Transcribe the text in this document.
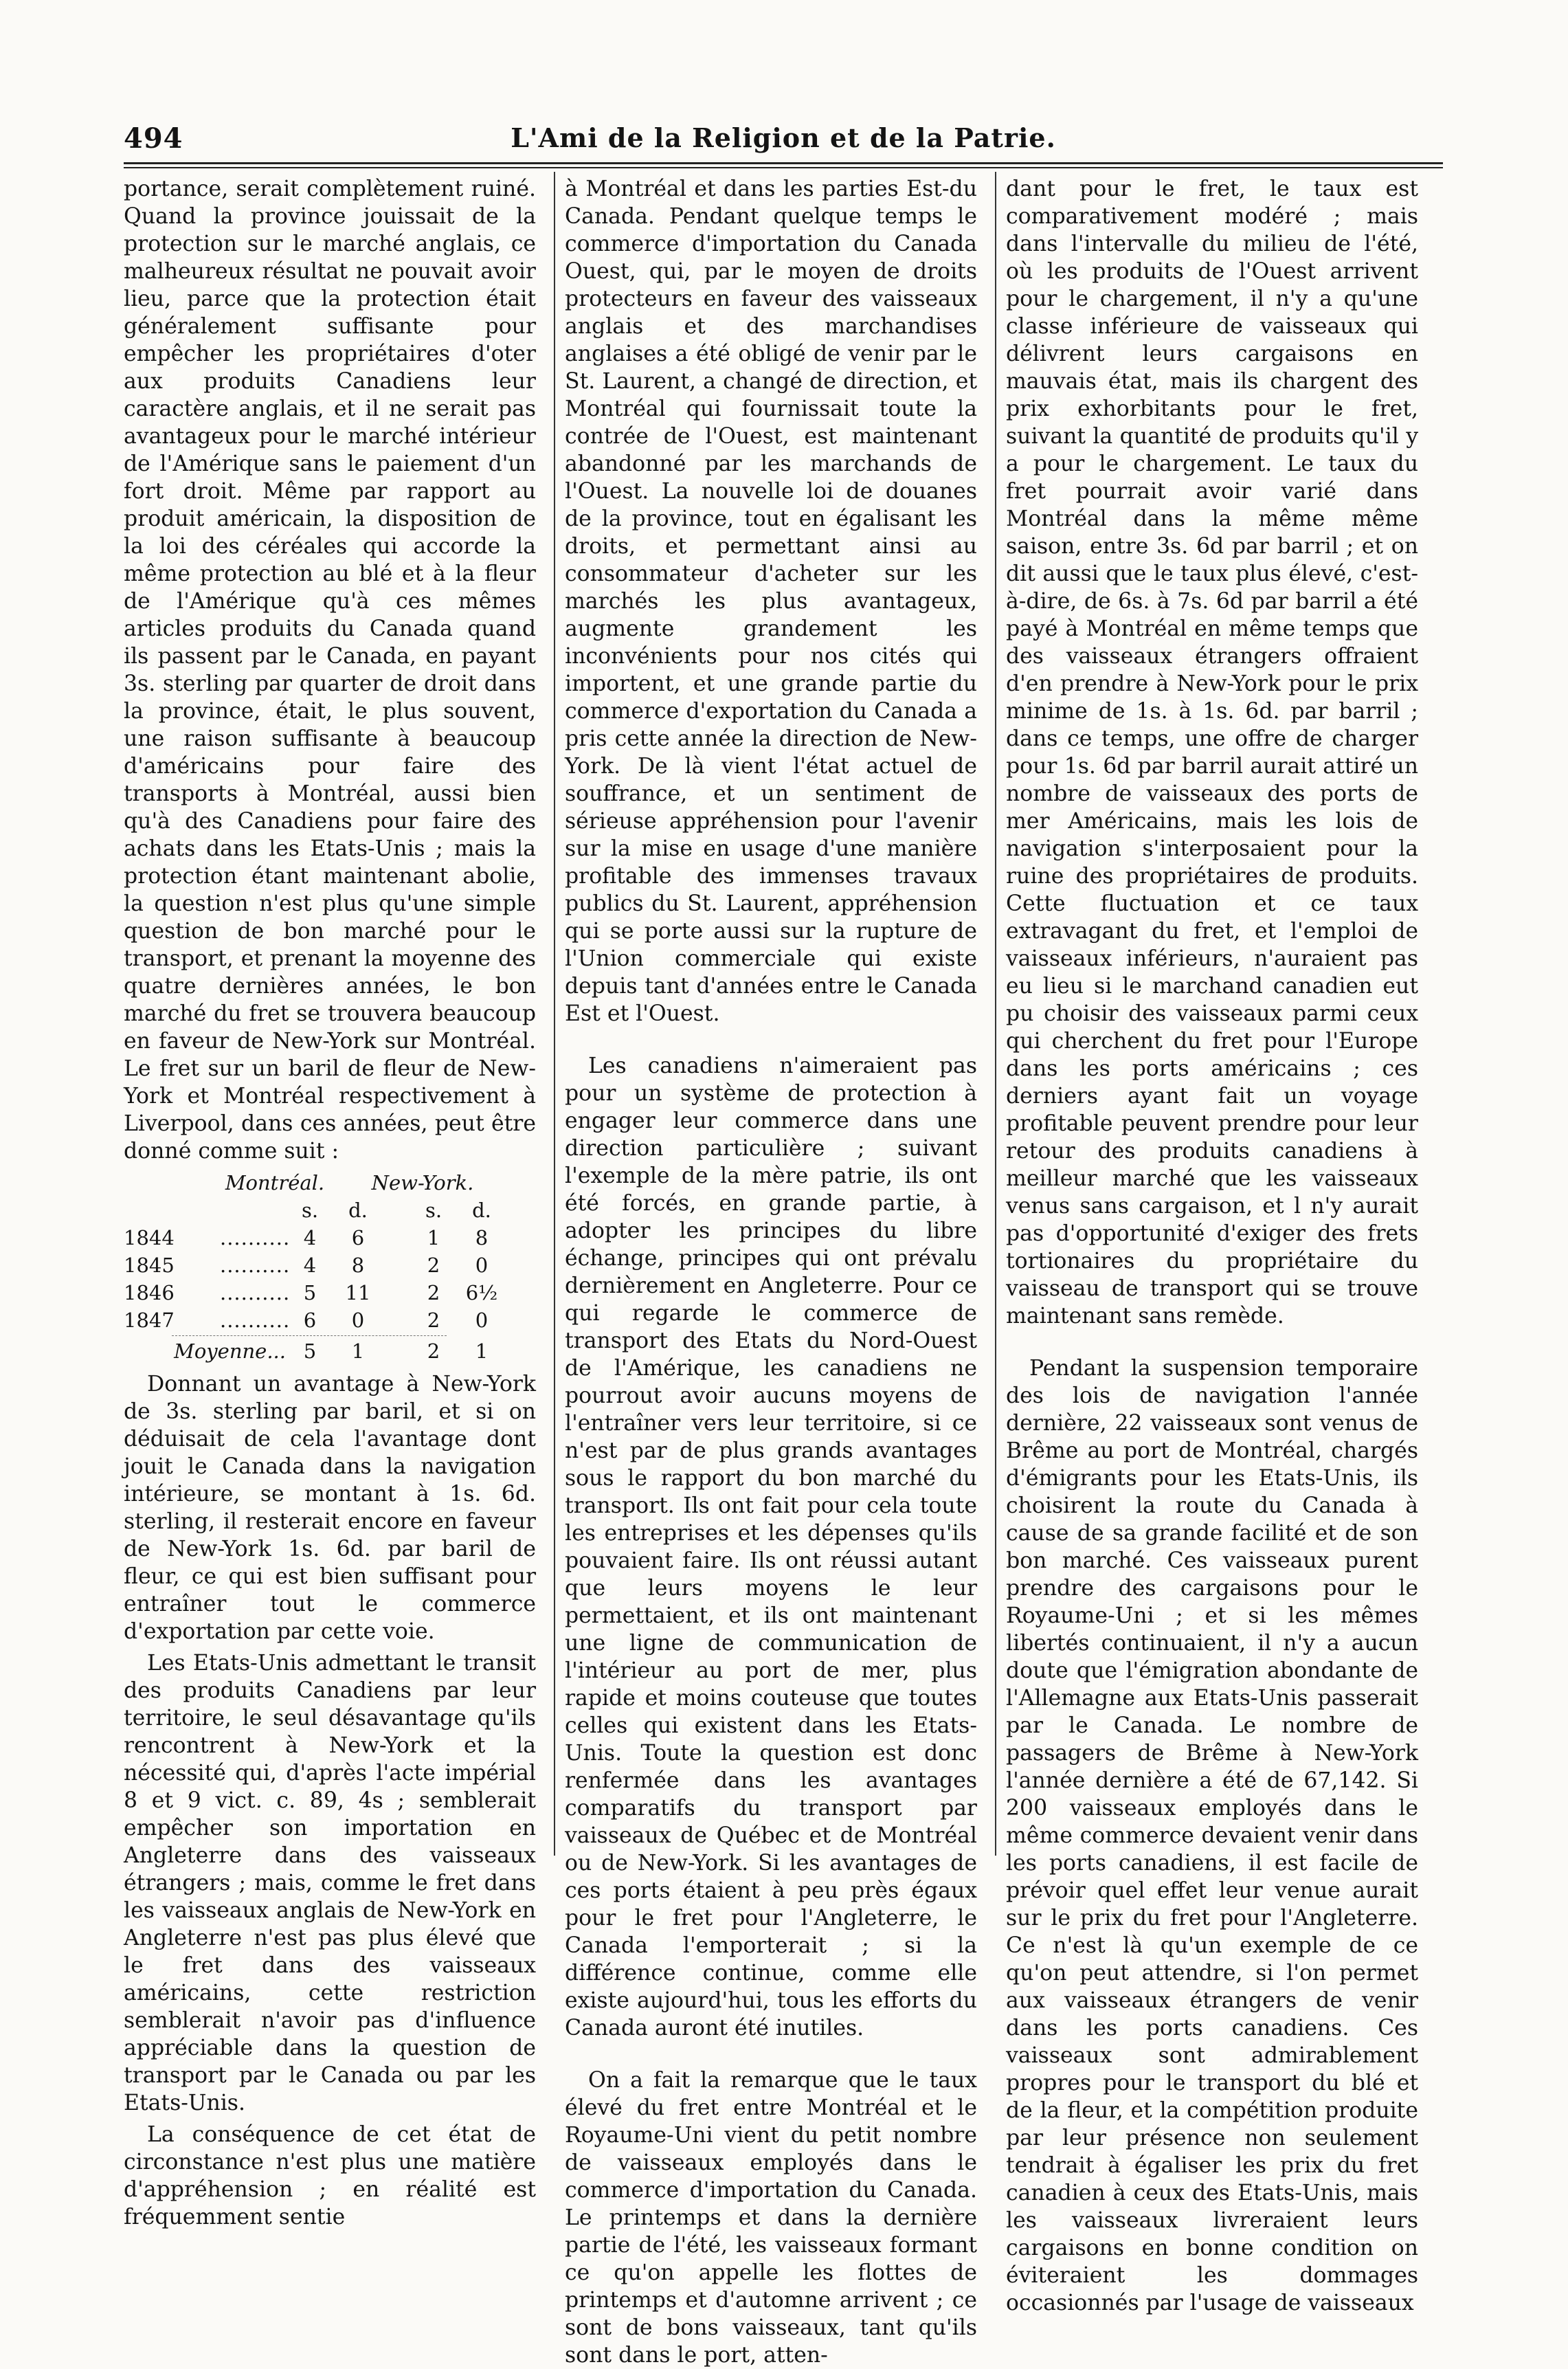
L'Ami de la Religion et de la Patrie.
494

portance, serait complètement ruiné. Quand la province jouissait de la protection sur le marché anglais, ce malheureux résultat ne pouvait avoir lieu, parce que la protection était généralement suffisante pour empêcher les propriétaires d'oter aux produits Canadiens leur caractère anglais, et il ne serait pas avantageux pour le marché intérieur de l'Amérique sans le paiement d'un fort droit. Même par rapport au produit américain, la disposition de la loi des céréales qui accorde la même protection au blé et à la fleur de l'Amérique qu'à ces mêmes articles produits du Canada quand ils passent par le Canada, en payant 3s. sterling par quarter de droit dans la province, était, le plus souvent, une raison suffisante à beaucoup d'américains pour faire des transports à Montréal, aussi bien qu'à des Canadiens pour faire des achats dans les Etats-Unis ; mais la protection étant maintenant abolie, la question n'est plus qu'une simple question de bon marché pour le transport, et prenant la moyenne des quatre dernières années, le bon marché du fret se trouvera beaucoup en faveur de New-York sur Montréal. Le fret sur un baril de fleur de New-York et Montréal respectivement à Liverpool, dans ces années, peut être donné comme suit :

Montréal.	New-York.
s.	d.	s.	d.
1844	.......... 4	6	1	8
1845	.......... 4	8	2	0
1846	.......... 5	11	2	6½
1847	.......... 6	0	2	0
Moyenne... 5	1	2	1

Donnant un avantage à New-York de 3s. sterling par baril, et si on déduisait de cela l'avantage dont jouit le Canada dans la navigation intérieure, se montant à 1s. 6d. sterling, il resterait encore en faveur de New-York 1s. 6d. par baril de fleur, ce qui est bien suffisant pour entraîner tout le commerce d'exportation par cette voie.

Les Etats-Unis admettant le transit des produits Canadiens par leur territoire, le seul désavantage qu'ils rencontrent à New-York et la nécessité qui, d'après l'acte impérial 8 et 9 vict. c. 89, 4s ; semblerait empêcher son importation en Angleterre dans des vaisseaux étrangers ; mais, comme le fret dans les vaisseaux anglais de New-York en Angleterre n'est pas plus élevé que le fret dans des vaisseaux américains, cette restriction semblerait n'avoir pas d'influence appréciable dans la question de transport par le Canada ou par les Etats-Unis.

La conséquence de cet état de circonstance n'est plus une matière d'appréhension ; en réalité est fréquemment sentie

à Montréal et dans les parties Est-du Canada. Pendant quelque temps le commerce d'importation du Canada Ouest, qui, par le moyen de droits protecteurs en faveur des vaisseaux anglais et des marchandises anglaises a été obligé de venir par le St. Laurent, a changé de direction, et Montréal qui fournissait toute la contrée de l'Ouest, est maintenant abandonné par les marchands de l'Ouest. La nouvelle loi de douanes de la province, tout en égalisant les droits, et permettant ainsi au consommateur d'acheter sur les marchés les plus avantageux, augmente grandement les inconvénients pour nos cités qui importent, et une grande partie du commerce d'exportation du Canada a pris cette année la direction de New-York. De là vient l'état actuel de souffrance, et un sentiment de sérieuse appréhension pour l'avenir sur la mise en usage d'une manière profitable des immenses travaux publics du St. Laurent, appréhension qui se porte aussi sur la rupture de l'Union commerciale qui existe depuis tant d'années entre le Canada Est et l'Ouest.

Les canadiens n'aimeraient pas pour un système de protection à engager leur commerce dans une direction particulière ; suivant l'exemple de la mère patrie, ils ont été forcés, en grande partie, à adopter les principes du libre échange, principes qui ont prévalu dernièrement en Angleterre. Pour ce qui regarde le commerce de transport des Etats du Nord-Ouest de l'Amérique, les canadiens ne pourrout avoir aucuns moyens de l'entraîner vers leur territoire, si ce n'est par de plus grands avantages sous le rapport du bon marché du transport. Ils ont fait pour cela toute les entreprises et les dépenses qu'ils pouvaient faire. Ils ont réussi autant que leurs moyens le leur permettaient, et ils ont maintenant une ligne de communication de l'intérieur au port de mer, plus rapide et moins couteuse que toutes celles qui existent dans les Etats-Unis. Toute la question est donc renfermée dans les avantages comparatifs du transport par vaisseaux de Québec et de Montréal ou de New-York. Si les avantages de ces ports étaient à peu près égaux pour le fret pour l'Angleterre, le Canada l'emporterait ; si la différence continue, comme elle existe aujourd'hui, tous les efforts du Canada auront été inutiles.

On a fait la remarque que le taux élevé du fret entre Montréal et le Royaume-Uni vient du petit nombre de vaisseaux employés dans le commerce d'importation du Canada. Le printemps et dans la dernière partie de l'été, les vaisseaux formant ce qu'on appelle les flottes de printemps et d'automne arrivent ; ce sont de bons vaisseaux, tant qu'ils sont dans le port, atten-

dant pour le fret, le taux est comparativement modéré ; mais dans l'intervalle du milieu de l'été, où les produits de l'Ouest arrivent pour le chargement, il n'y a qu'une classe inférieure de vaisseaux qui délivrent leurs cargaisons en mauvais état, mais ils chargent des prix exhorbitants pour le fret, suivant la quantité de produits qu'il y a pour le chargement. Le taux du fret pourrait avoir varié dans Montréal dans la même même saison, entre 3s. 6d par barril ; et on dit aussi que le taux plus élevé, c'est-à-dire, de 6s. à 7s. 6d par barril a été payé à Montréal en même temps que des vaisseaux étrangers offraient d'en prendre à New-York pour le prix minime de 1s. à 1s. 6d. par barril ; dans ce temps, une offre de charger pour 1s. 6d par barril aurait attiré un nombre de vaisseaux des ports de mer Américains, mais les lois de navigation s'interposaient pour la ruine des propriétaires de produits. Cette fluctuation et ce taux extravagant du fret, et l'emploi de vaisseaux inférieurs, n'auraient pas eu lieu si le marchand canadien eut pu choisir des vaisseaux parmi ceux qui cherchent du fret pour l'Europe dans les ports américains ; ces derniers ayant fait un voyage profitable peuvent prendre pour leur retour des produits canadiens à meilleur marché que les vaisseaux venus sans cargaison, et l n'y aurait pas d'opportunité d'exiger des frets tortionaires du propriétaire du vaisseau de transport qui se trouve maintenant sans remède.

Pendant la suspension temporaire des lois de navigation l'année dernière, 22 vaisseaux sont venus de Brême au port de Montréal, chargés d'émigrants pour les Etats-Unis, ils choisirent la route du Canada à cause de sa grande facilité et de son bon marché. Ces vaisseaux purent prendre des cargaisons pour le Royaume-Uni ; et si les mêmes libertés continuaient, il n'y a aucun doute que l'émigration abondante de l'Allemagne aux Etats-Unis passerait par le Canada. Le nombre de passagers de Brême à New-York l'année dernière a été de 67,142. Si 200 vaisseaux employés dans le même commerce devaient venir dans les ports canadiens, il est facile de prévoir quel effet leur venue aurait sur le prix du fret pour l'Angleterre. Ce n'est là qu'un exemple de ce qu'on peut attendre, si l'on permet aux vaisseaux étrangers de venir dans les ports canadiens. Ces vaisseaux sont admirablement propres pour le transport du blé et de la fleur, et la compétition produite par leur présence non seulement tendrait à égaliser les prix du fret canadien à ceux des Etats-Unis, mais les vaisseaux livreraient leurs cargaisons en bonne condition on éviteraient les dommages occasionnés par l'usage de vaisseaux
